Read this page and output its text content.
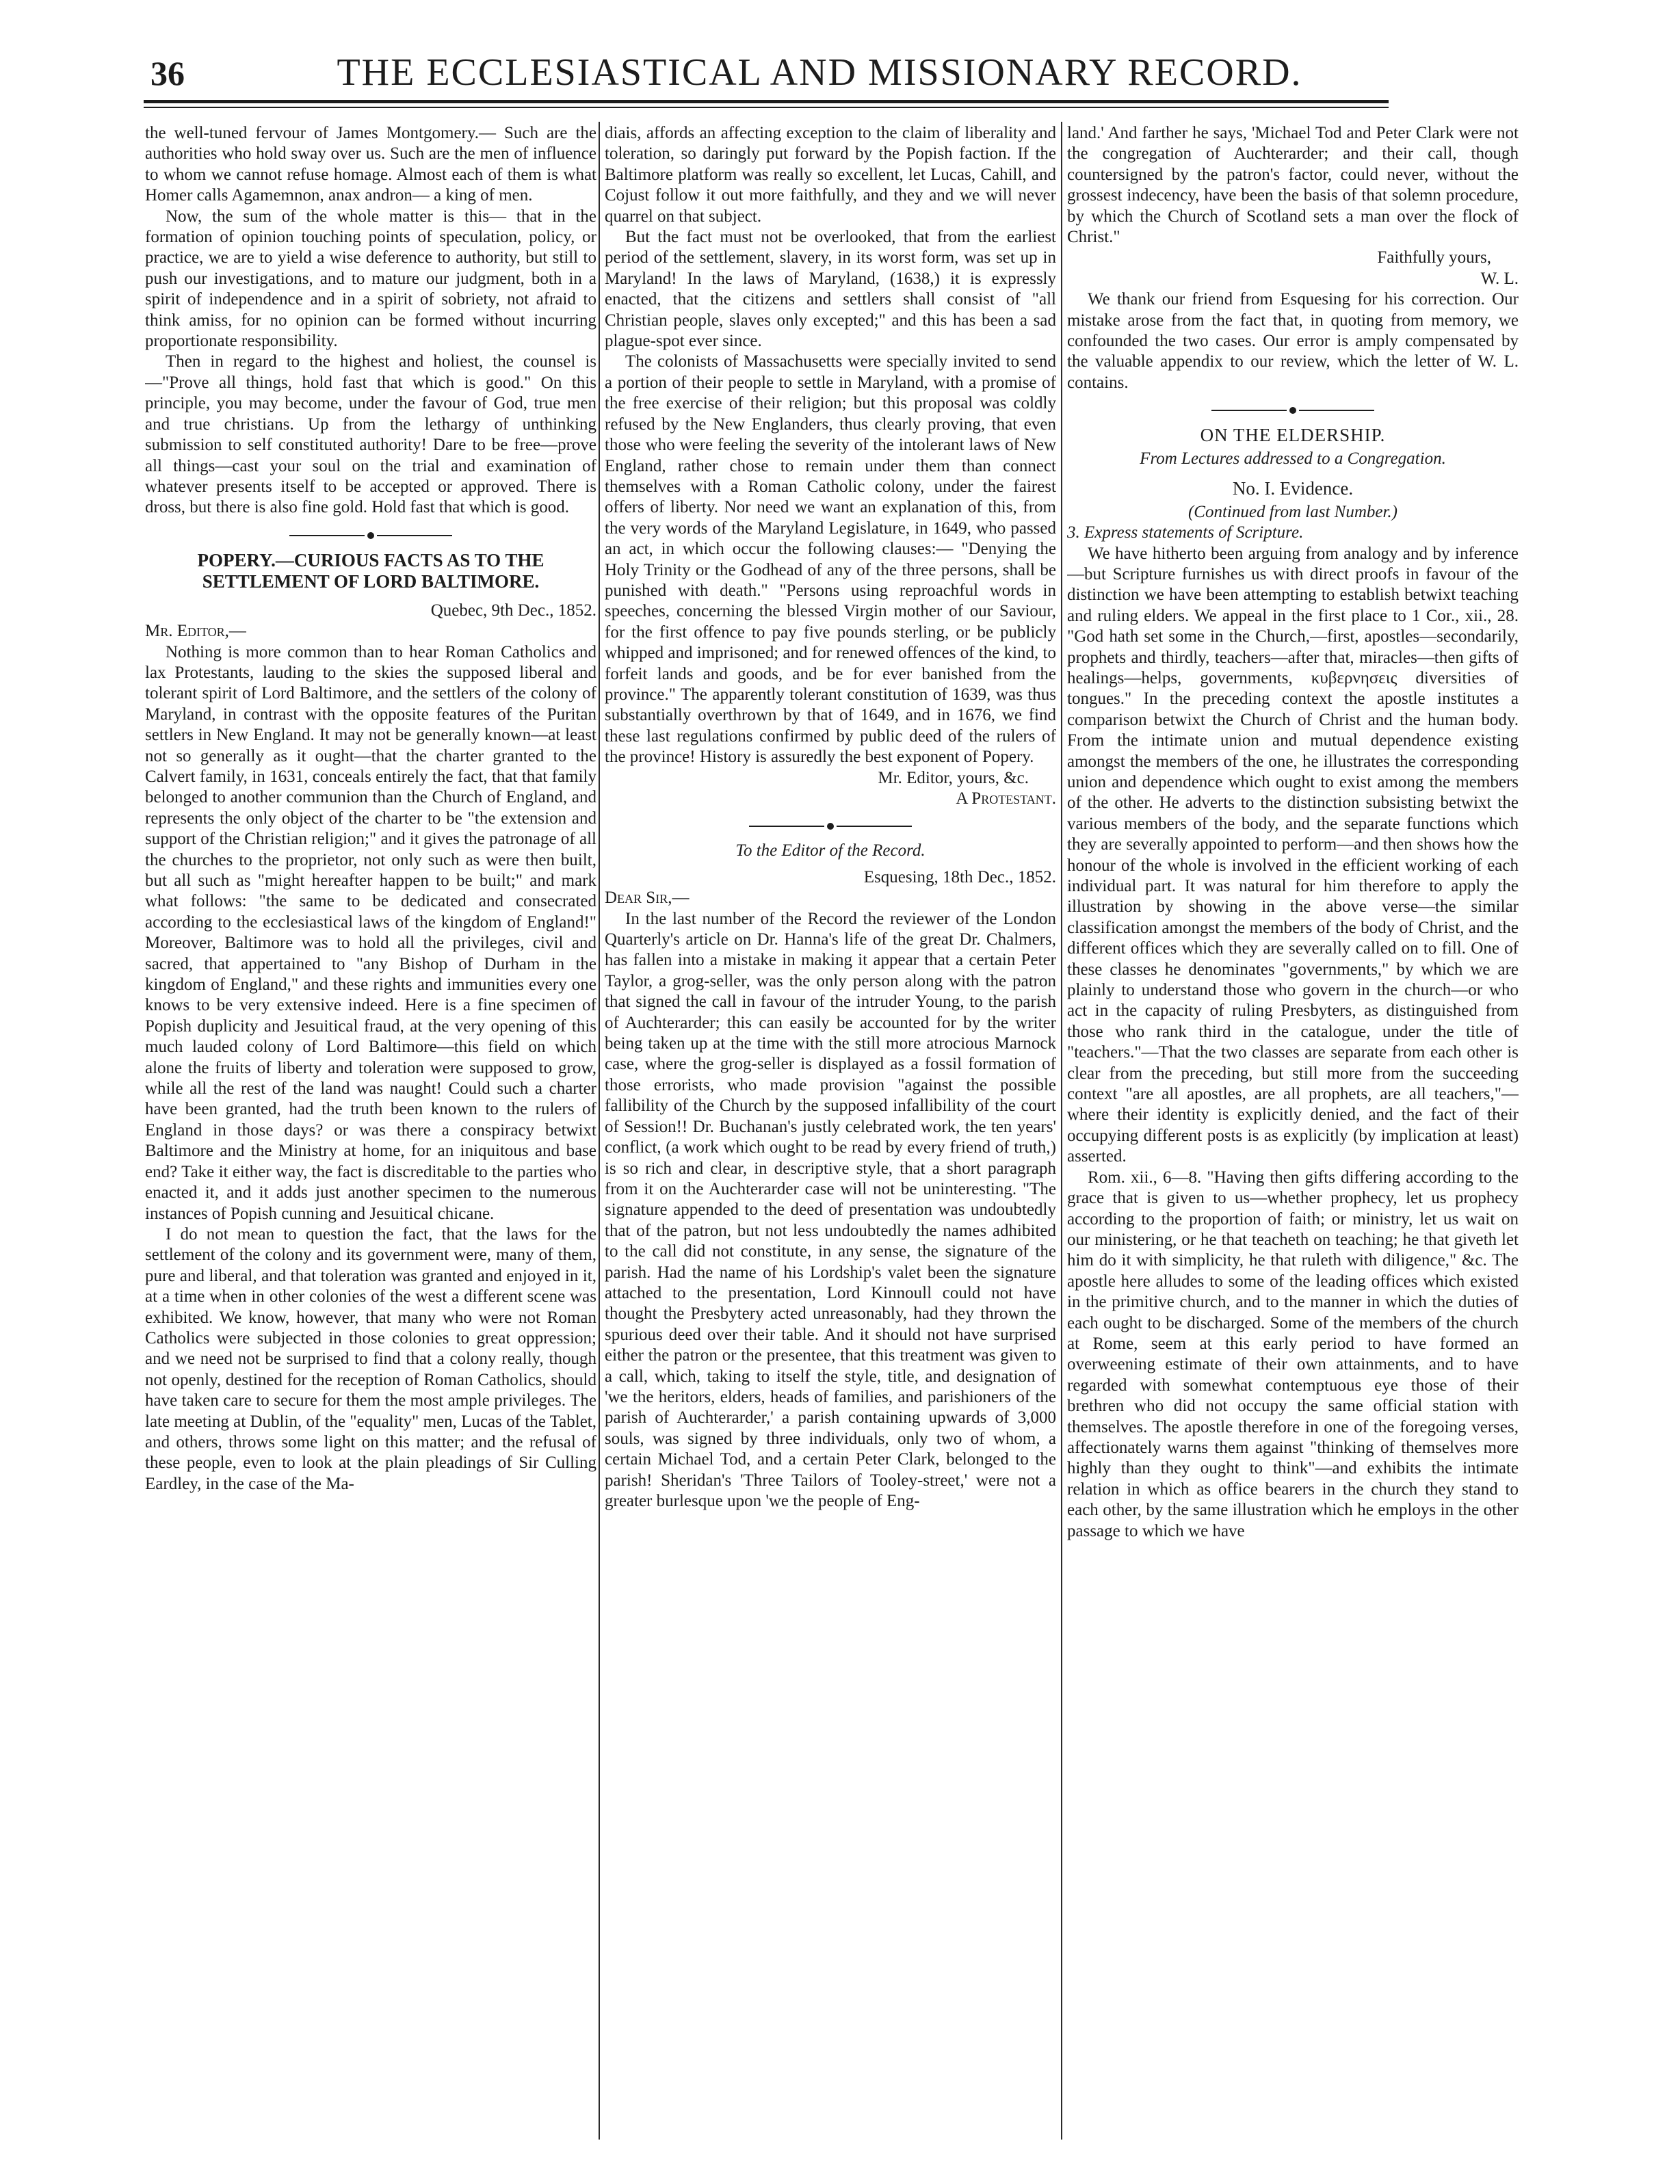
36	THE ECCLESIASTICAL AND MISSIONARY RECORD.

the well-tuned fervour of James Montgomery.— Such are the authorities who hold sway over us. Such are the men of influence to whom we cannot refuse homage. Almost each of them is what Homer calls Agamemnon, anax andron— a king of men.

Now, the sum of the whole matter is this— that in the formation of opinion touching points of speculation, policy, or practice, we are to yield a wise deference to authority, but still to push our investigations, and to mature our judgment, both in a spirit of independence and in a spirit of sobriety, not afraid to think amiss, for no opinion can be formed without incurring proportionate responsibility.

Then in regard to the highest and holiest, the counsel is—"Prove all things, hold fast that which is good." On this principle, you may become, under the favour of God, true men and true christians. Up from the lethargy of unthinking submission to self constituted authority! Dare to be free—prove all things—cast your soul on the trial and examination of whatever presents itself to be accepted or approved. There is dross, but there is also fine gold. Hold fast that which is good.

POPERY.—CURIOUS FACTS AS TO THE SETTLEMENT OF LORD BALTIMORE.

Quebec, 9th Dec., 1852.

Mr. Editor,—

Nothing is more common than to hear Roman Catholics and lax Protestants, lauding to the skies the supposed liberal and tolerant spirit of Lord Baltimore, and the settlers of the colony of Maryland, in contrast with the opposite features of the Puritan settlers in New England. It may not be generally known—at least not so generally as it ought—that the charter granted to the Calvert family, in 1631, conceals entirely the fact, that that family belonged to another communion than the Church of England, and represents the only object of the charter to be "the extension and support of the Christian religion;" and it gives the patronage of all the churches to the proprietor, not only such as were then built, but all such as "might hereafter happen to be built;" and mark what follows: "the same to be dedicated and consecrated according to the ecclesiastical laws of the kingdom of England!" Moreover, Baltimore was to hold all the privileges, civil and sacred, that appertained to "any Bishop of Durham in the kingdom of England," and these rights and immunities every one knows to be very extensive indeed. Here is a fine specimen of Popish duplicity and Jesuitical fraud, at the very opening of this much lauded colony of Lord Baltimore—this field on which alone the fruits of liberty and toleration were supposed to grow, while all the rest of the land was naught! Could such a charter have been granted, had the truth been known to the rulers of England in those days? or was there a conspiracy betwixt Baltimore and the Ministry at home, for an iniquitous and base end? Take it either way, the fact is discreditable to the parties who enacted it, and it adds just another specimen to the numerous instances of Popish cunning and Jesuitical chicane.

I do not mean to question the fact, that the laws for the settlement of the colony and its government were, many of them, pure and liberal, and that toleration was granted and enjoyed in it, at a time when in other colonies of the west a different scene was exhibited. We know, however, that many who were not Roman Catholics were subjected in those colonies to great oppression; and we need not be surprised to find that a colony really, though not openly, destined for the reception of Roman Catholics, should have taken care to secure for them the most ample privileges. The late meeting at Dublin, of the "equality" men, Lucas of the Tablet, and others, throws some light on this matter; and the refusal of these people, even to look at the plain pleadings of Sir Culling Eardley, in the case of the Ma-

diais, affords an affecting exception to the claim of liberality and toleration, so daringly put forward by the Popish faction. If the Baltimore platform was really so excellent, let Lucas, Cahill, and Cojust follow it out more faithfully, and they and we will never quarrel on that subject.

But the fact must not be overlooked, that from the earliest period of the settlement, slavery, in its worst form, was set up in Maryland! In the laws of Maryland, (1638,) it is expressly enacted, that the citizens and settlers shall consist of "all Christian people, slaves only excepted;" and this has been a sad plague-spot ever since.

The colonists of Massachusetts were specially invited to send a portion of their people to settle in Maryland, with a promise of the free exercise of their religion; but this proposal was coldly refused by the New Englanders, thus clearly proving, that even those who were feeling the severity of the intolerant laws of New England, rather chose to remain under them than connect themselves with a Roman Catholic colony, under the fairest offers of liberty. Nor need we want an explanation of this, from the very words of the Maryland Legislature, in 1649, who passed an act, in which occur the following clauses:— "Denying the Holy Trinity or the Godhead of any of the three persons, shall be punished with death." "Persons using reproachful words in speeches, concerning the blessed Virgin mother of our Saviour, for the first offence to pay five pounds sterling, or be publicly whipped and imprisoned; and for renewed offences of the kind, to forfeit lands and goods, and be for ever banished from the province." The apparently tolerant constitution of 1639, was thus substantially overthrown by that of 1649, and in 1676, we find these last regulations confirmed by public deed of the rulers of the province! History is assuredly the best exponent of Popery.

Mr. Editor, yours, &c.

A Protestant.

To the Editor of the Record.

Esquesing, 18th Dec., 1852.

Dear Sir,—

In the last number of the Record the reviewer of the London Quarterly's article on Dr. Hanna's life of the great Dr. Chalmers, has fallen into a mistake in making it appear that a certain Peter Taylor, a grog-seller, was the only person along with the patron that signed the call in favour of the intruder Young, to the parish of Auchterarder; this can easily be accounted for by the writer being taken up at the time with the still more atrocious Marnock case, where the grog-seller is displayed as a fossil formation of those errorists, who made provision "against the possible fallibility of the Church by the supposed infallibility of the court of Session!! Dr. Buchanan's justly celebrated work, the ten years' conflict, (a work which ought to be read by every friend of truth,) is so rich and clear, in descriptive style, that a short paragraph from it on the Auchterarder case will not be uninteresting. "The signature appended to the deed of presentation was undoubtedly that of the patron, but not less undoubtedly the names adhibited to the call did not constitute, in any sense, the signature of the parish. Had the name of his Lordship's valet been the signature attached to the presentation, Lord Kinnoull could not have thought the Presbytery acted unreasonably, had they thrown the spurious deed over their table. And it should not have surprised either the patron or the presentee, that this treatment was given to a call, which, taking to itself the style, title, and designation of 'we the heritors, elders, heads of families, and parishioners of the parish of Auchterarder,' a parish containing upwards of 3,000 souls, was signed by three individuals, only two of whom, a certain Michael Tod, and a certain Peter Clark, belonged to the parish! Sheridan's 'Three Tailors of Tooley-street,' were not a greater burlesque upon 'we the people of Eng-

land.' And farther he says, 'Michael Tod and Peter Clark were not the congregation of Auchterarder; and their call, though countersigned by the patron's factor, could never, without the grossest indecency, have been the basis of that solemn procedure, by which the Church of Scotland sets a man over the flock of Christ."

Faithfully yours,

W. L.

We thank our friend from Esquesing for his correction. Our mistake arose from the fact that, in quoting from memory, we confounded the two cases. Our error is amply compensated by the valuable appendix to our review, which the letter of W. L. contains.

ON THE ELDERSHIP.

From Lectures addressed to a Congregation.

No. I. Evidence.

(Continued from last Number.)

3. Express statements of Scripture.

We have hitherto been arguing from analogy and by inference—but Scripture furnishes us with direct proofs in favour of the distinction we have been attempting to establish betwixt teaching and ruling elders. We appeal in the first place to 1 Cor., xii., 28. "God hath set some in the Church,—first, apostles—secondarily, prophets and thirdly, teachers—after that, miracles—then gifts of healings—helps, governments, κυβερνησεις diversities of tongues." In the preceding context the apostle institutes a comparison betwixt the Church of Christ and the human body. From the intimate union and mutual dependence existing amongst the members of the one, he illustrates the corresponding union and dependence which ought to exist among the members of the other. He adverts to the distinction subsisting betwixt the various members of the body, and the separate functions which they are severally appointed to perform—and then shows how the honour of the whole is involved in the efficient working of each individual part. It was natural for him therefore to apply the illustration by showing in the above verse—the similar classification amongst the members of the body of Christ, and the different offices which they are severally called on to fill. One of these classes he denominates "governments," by which we are plainly to understand those who govern in the church—or who act in the capacity of ruling Presbyters, as distinguished from those who rank third in the catalogue, under the title of "teachers."—That the two classes are separate from each other is clear from the preceding, but still more from the succeeding context "are all apostles, are all prophets, are all teachers,"—where their identity is explicitly denied, and the fact of their occupying different posts is as explicitly (by implication at least) asserted.

Rom. xii., 6—8. "Having then gifts differing according to the grace that is given to us—whether prophecy, let us prophecy according to the proportion of faith; or ministry, let us wait on our ministering, or he that teacheth on teaching; he that giveth let him do it with simplicity, he that ruleth with diligence," &c. The apostle here alludes to some of the leading offices which existed in the primitive church, and to the manner in which the duties of each ought to be discharged. Some of the members of the church at Rome, seem at this early period to have formed an overweening estimate of their own attainments, and to have regarded with somewhat contemptuous eye those of their brethren who did not occupy the same official station with themselves. The apostle therefore in one of the foregoing verses, affectionately warns them against "thinking of themselves more highly than they ought to think"—and exhibits the intimate relation in which as office bearers in the church they stand to each other, by the same illustration which he employs in the other passage to which we have
